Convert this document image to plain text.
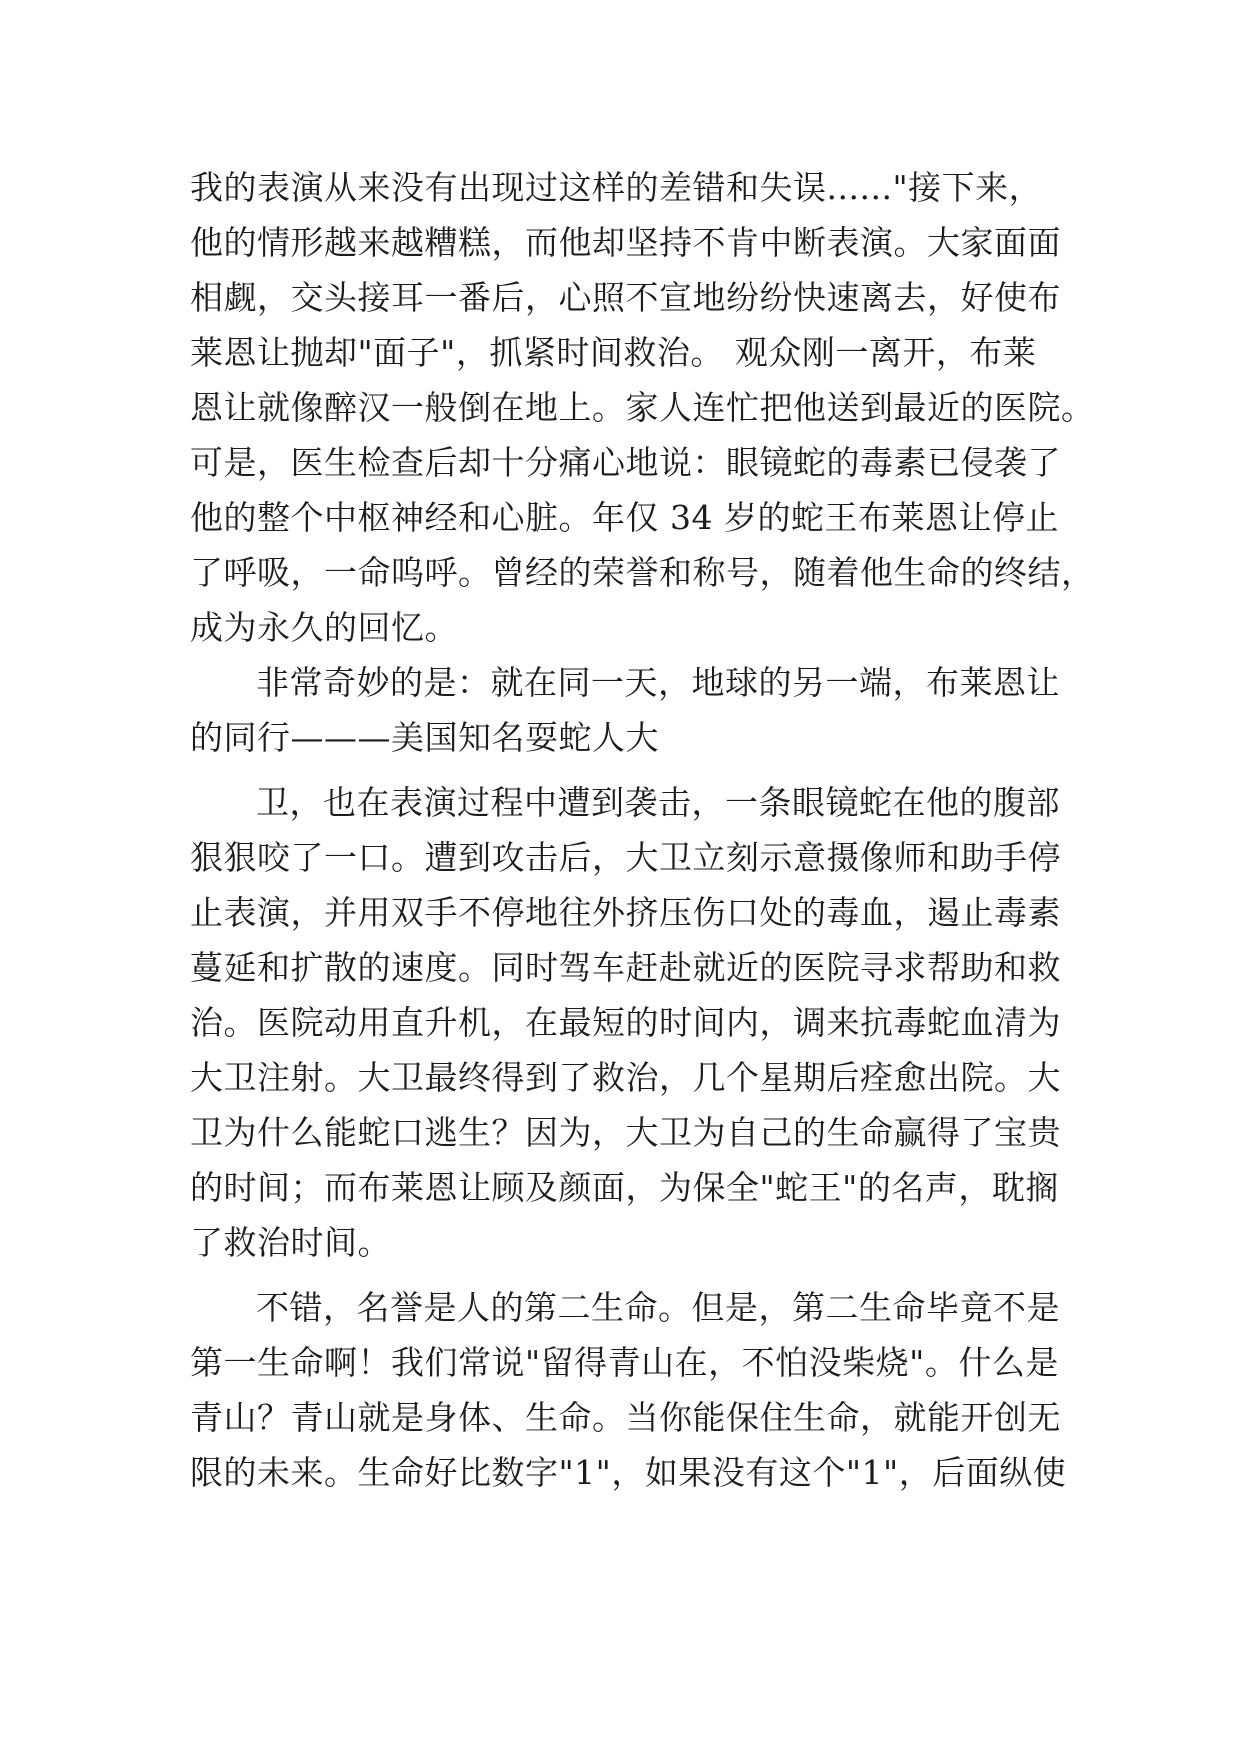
我的表演从来没有出现过这样的差错和失误......"接下来，
他的情形越来越糟糕，而他却坚持不肯中断表演。大家面面
相觑，交头接耳一番后，心照不宣地纷纷快速离去，好使布
莱恩让抛却"面子"，抓紧时间救治。 观众刚一离开，布莱
恩让就像醉汉一般倒在地上。家人连忙把他送到最近的医院。
可是，医生检查后却十分痛心地说：眼镜蛇的毒素已侵袭了
他的整个中枢神经和心脏。年仅 34 岁的蛇王布莱恩让停止
了呼吸，一命呜呼。曾经的荣誉和称号，随着他生命的终结，
成为永久的回忆。
非常奇妙的是：就在同一天，地球的另一端，布莱恩让
的同行———美国知名耍蛇人大
卫，也在表演过程中遭到袭击，一条眼镜蛇在他的腹部
狠狠咬了一口。遭到攻击后，大卫立刻示意摄像师和助手停
止表演，并用双手不停地往外挤压伤口处的毒血，遏止毒素
蔓延和扩散的速度。同时驾车赶赴就近的医院寻求帮助和救
治。医院动用直升机，在最短的时间内，调来抗毒蛇血清为
大卫注射。大卫最终得到了救治，几个星期后痊愈出院。大
卫为什么能蛇口逃生？因为，大卫为自己的生命赢得了宝贵
的时间；而布莱恩让顾及颜面，为保全"蛇王"的名声，耽搁
了救治时间。
不错，名誉是人的第二生命。但是，第二生命毕竟不是
第一生命啊！我们常说"留得青山在，不怕没柴烧"。什么是
青山？青山就是身体、生命。当你能保住生命，就能开创无
限的未来。生命好比数字"1"，如果没有这个"1"，后面纵使
